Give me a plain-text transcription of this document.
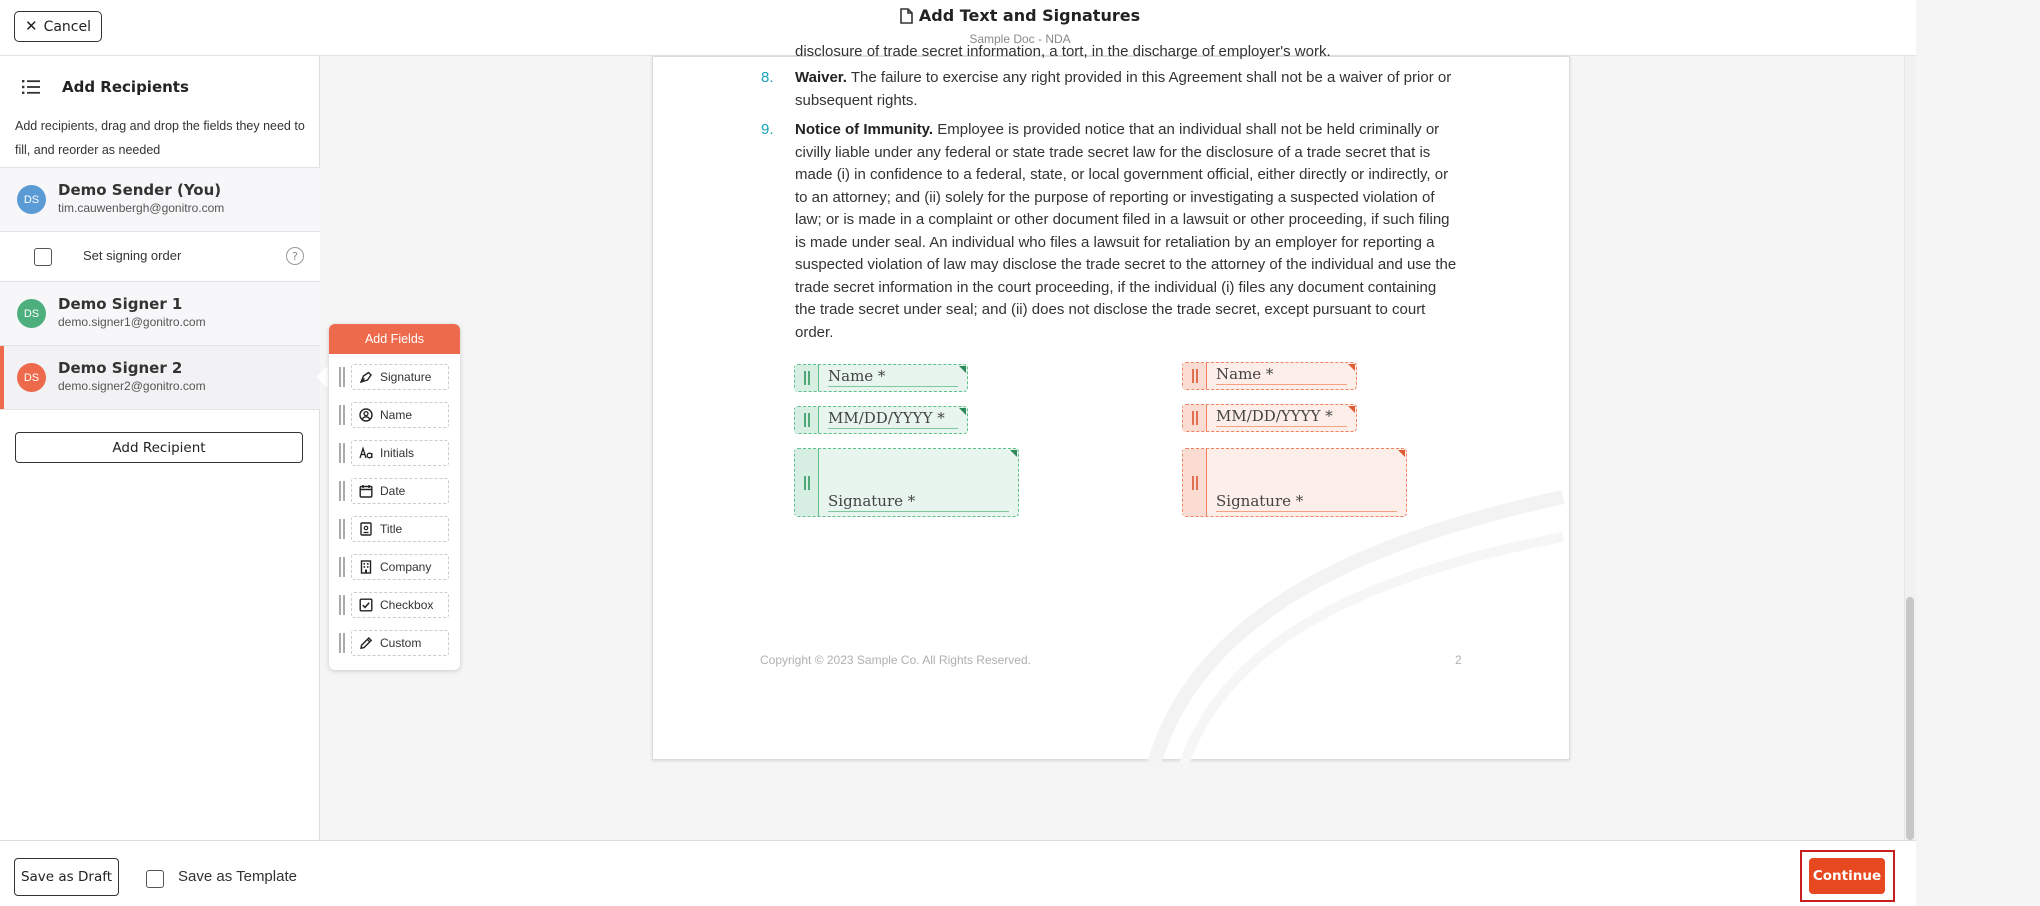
✕ Cancel
Add Text and Signatures
Sample Doc - NDA
Add Recipients
Add recipients, drag and drop the fields they need to fill, and reorder as needed
DS
Demo Sender (You)
tim.cauwenbergh@gonitro.com
Set signing order	?
DS
Demo Signer 1
demo.signer1@gonitro.com
DS
Demo Signer 2
demo.signer2@gonitro.com
Add Recipient
Add Fields
Signature
Name
Initials
Date
Title
Company
Checkbox
Custom
disclosure of trade secret information, a tort, in the discharge of employer's work.
8. Waiver. The failure to exercise any right provided in this Agreement shall not be a waiver of prior or subsequent rights.
9. Notice of Immunity. Employee is provided notice that an individual shall not be held criminally or civilly liable under any federal or state trade secret law for the disclosure of a trade secret that is made (i) in confidence to a federal, state, or local government official, either directly or indirectly, or to an attorney; and (ii) solely for the purpose of reporting or investigating a suspected violation of law; or is made in a complaint or other document filed in a lawsuit or other proceeding, if such filing is made under seal. An individual who files a lawsuit for retaliation by an employer for reporting a suspected violation of law may disclose the trade secret to the attorney of the individual and use the trade secret information in the court proceeding, if the individual (i) files any document containing the trade secret under seal; and (ii) does not disclose the trade secret, except pursuant to court order.
Name *
MM/DD/YYYY *
Signature *
Name *
MM/DD/YYYY *
Signature *
Copyright © 2023 Sample Co. All Rights Reserved.	2
Save as Draft	Save as Template	Continue
